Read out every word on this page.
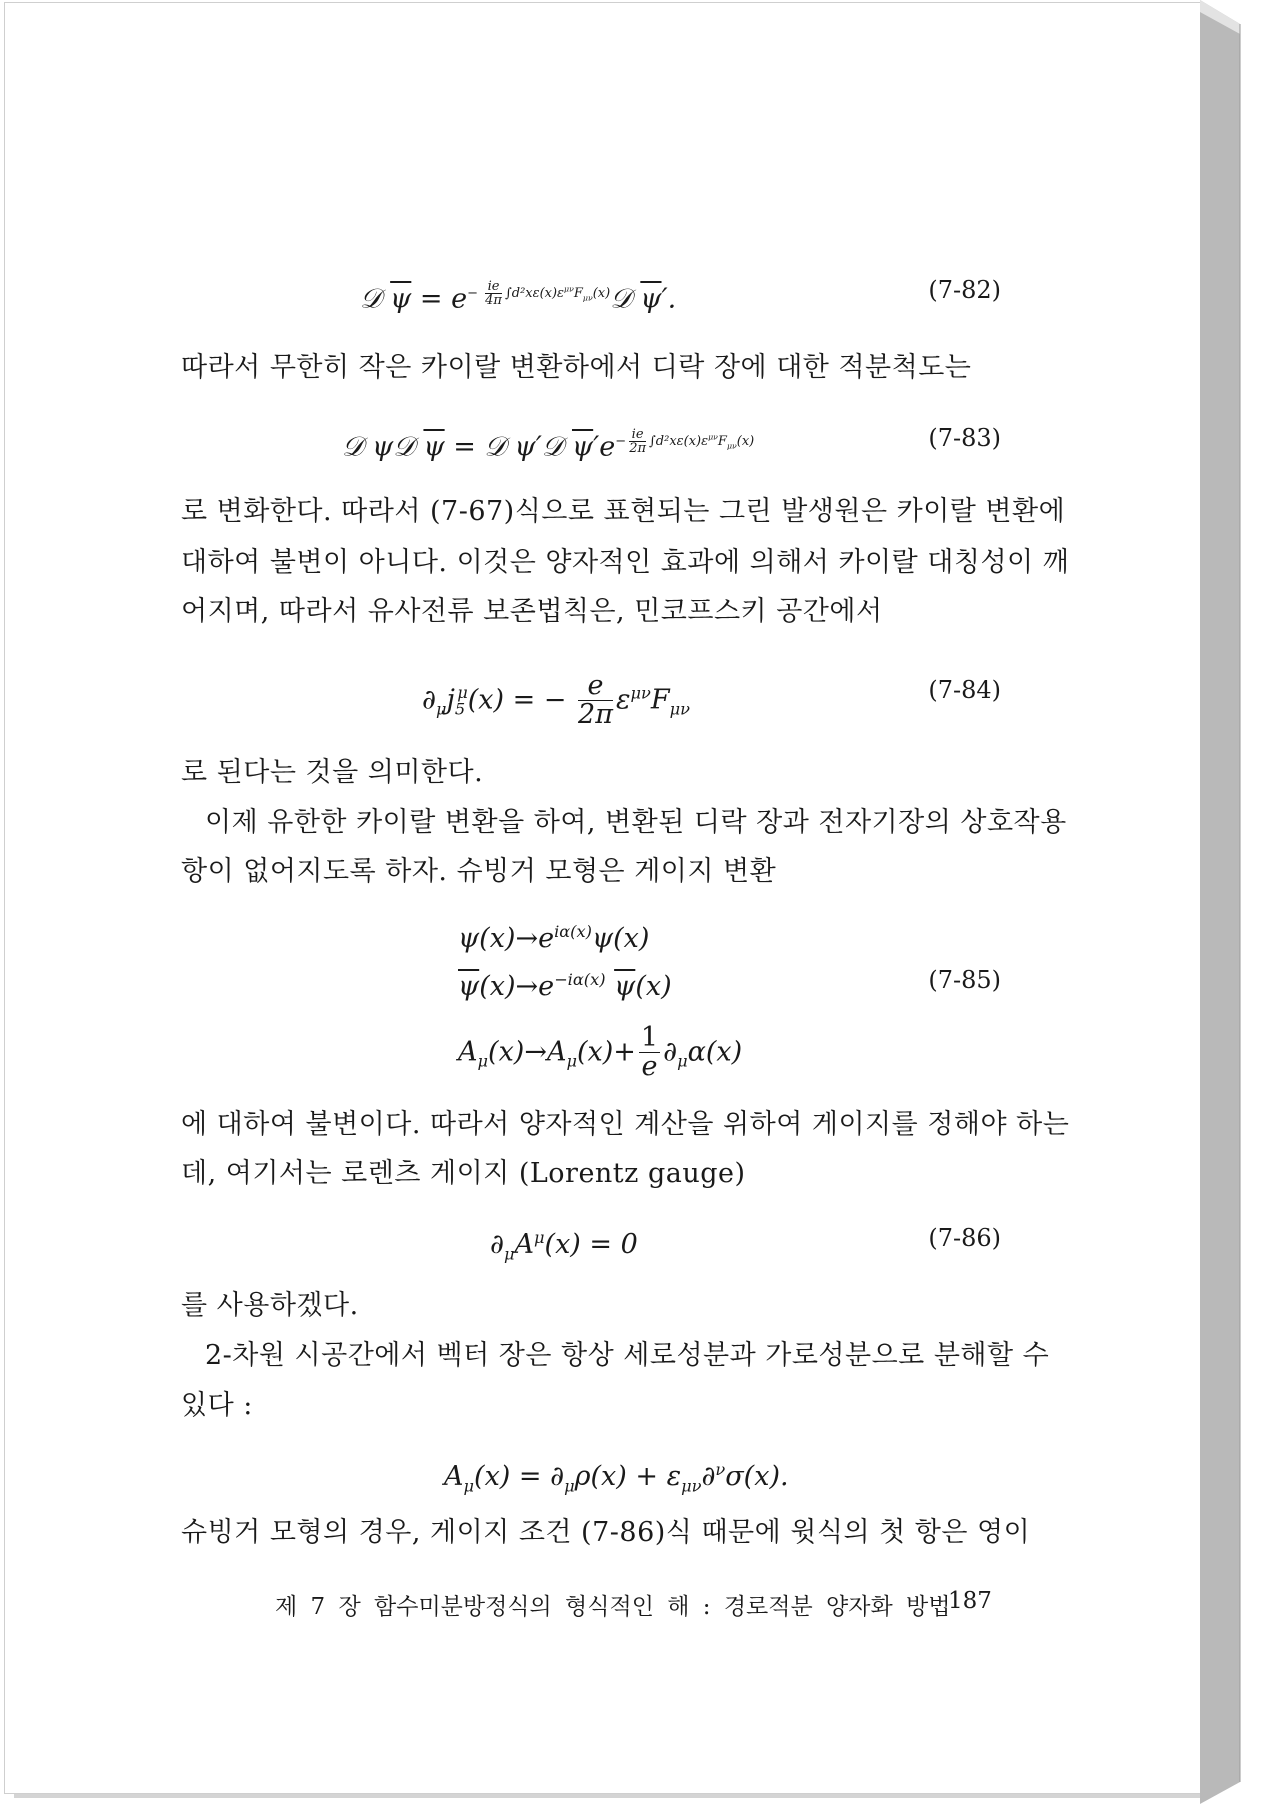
𝒟 $\overline{\psi}$ = $e^{- \frac{ie}{4\pi} \int d^2x\varepsilon(x)\varepsilon^{\mu\nu}F_{\mu\nu}(x)}𝒟$ $\overline{\psi}'$.	(7-82)
따라서 무한히 작은 카이랄 변환하에서 디락 장에 대한 적분척도는
𝒟 ψ𝒟 $\overline{\psi}$ = 𝒟 ψ′𝒟 $\overline{\psi}'e^{- \frac{ie}{2\pi} \int d^2x\varepsilon(x)\varepsilon^{\mu\nu}F_{\mu\nu}(x)}$	(7-83)
로 변화한다. 따라서 (7-67)식으로 표현되는 그린 발생원은 카이랄 변환에
대하여 불변이 아니다. 이것은 양자적인 효과에 의해서 카이랄 대칭성이 깨
어지며, 따라서 유사전류 보존법칙은, 민코프스키 공간에서
$\partial_\mu j_5^\mu(x)$ = − $\frac{e}{2\pi} \varepsilon^{\mu\nu}F_{\mu\nu}$
(7-84)
로 된다는 것을 의미한다.
이제 유한한 카이랄 변환을 하여, 변환된 디락 장과 전자기장의 상호작용
항이 없어지도록 하자. 슈빙거 모형은 게이지 변환
$\psi(x)\to e^{i\alpha(x)}\psi(x)$
$\overline{\psi}(x)\to e^{-i\alpha(x)}$ $\overline{\psi}(x)$	(7-85)
$A_\mu(x)\to A_\mu(x)+ \frac{1}{e} \partial_\mu\alpha(x)$
에 대하여 불변이다. 따라서 양자적인 계산을 위하여 게이지를 정해야 하는
데, 여기서는 로렌츠 게이지 (Lorentz gauge)
$\partial_\mu A^\mu(x) = 0$	(7-86)
를 사용하겠다.
2-차원 시공간에서 벡터 장은 항상 세로성분과 가로성분으로 분해할 수
있다 :
$A_\mu(x) = \partial_\mu\rho(x) + \varepsilon_{\mu\nu}\partial^\nu\sigma(x)$.
슈빙거 모형의 경우, 게이지 조건 (7-86)식 때문에 윗식의 첫 항은 영이
제 7 장 함수미분방정식의 형식적인 해 : 경로적분 양자화 방법
187
